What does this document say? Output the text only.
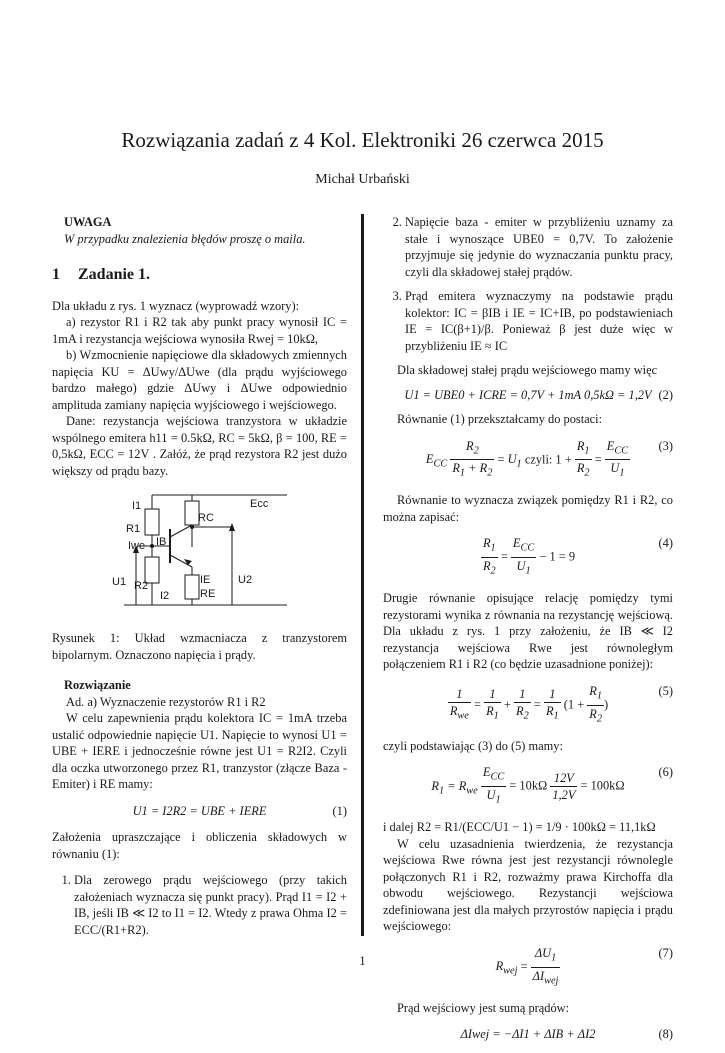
Rozwiązania zadań z 4 Kol. Elektroniki 26 czerwca 2015
Michał Urbański

UWAGA

W przypadku znalezienia błędów proszę o maila.

1 Zadanie 1.

Dla układu z rys. 1 wyznacz (wyprowadź wzory):

a) rezystor R1 i R2 tak aby punkt pracy wynosił IC = 1mA i rezystancja wejściowa wynosiła Rwej = 10kΩ,

b) Wzmocnienie napięciowe dla składowych zmiennych napięcia KU = ΔUwy/ΔUwe (dla prądu wyjściowego bardzo małego) gdzie ΔUwy i ΔUwe odpowiednio amplituda zamiany napięcia wyjściowego i wejściowego.

Dane: rezystancja wejściowa tranzystora w układzie wspólnego emitera h11 = 0.5kΩ, RC = 5kΩ, β = 100, RE = 0,5kΩ, ECC = 12V . Załóż, że prąd rezystora R2 jest dużo większy od prądu bazy.

I1
RC
Ecc
R1
Iwe IB
U1 R2
I2
IE
RE
U2

Rysunek 1: Układ wzmacniacza z tranzystorem bipolarnym. Oznaczono napięcia i prądy.

Rozwiązanie

Ad. a) Wyznaczenie rezystorów R1 i R2

W celu zapewnienia prądu kolektora IC = 1mA trzeba ustalić odpowiednie napięcie U1. Napięcie to wynosi U1 = UBE + IERE i jednocześnie równe jest U1 = R2I2. Czyli dla oczka utworzonego przez R1, tranzystor (złącze Baza -Emiter) i RE mamy:

U1 = I2R2 = UBE + IERE	(1)

Założenia upraszczające i obliczenia składowych w równaniu (1):

1. Dla zerowego prądu wejściowego (przy takich założeniach wyznacza się punkt pracy). Prąd I1 = I2 + IB, jeśli IB ≪ I2 to I1 = I2. Wtedy z prawa Ohma I2 = ECC/(R1+R2).
2. Napięcie baza - emiter w przybliżeniu uznamy za stałe i wynoszące UBE0 = 0,7V. To założenie przyjmuje się jedynie do wyznaczania punktu pracy, czyli dla składowej stałej prądów.
3. Prąd emitera wyznaczymy na podstawie prądu kolektor: IC = βIB i IE = IC+IB, po podstawieniach IE = IC(β+1)/β. Ponieważ β jest duże więc w przybliżeniu IE ≈ IC

Dla składowej stałej prądu wejściowego mamy więc

U1 = UBE0 + ICRE = 0,7V + 1mA 0,5kΩ = 1,2V (2)

Równanie (1) przekształcamy do postaci:

$E_{CC} \frac{R_2}{R_1 + R_2} = U_1$ czyli: $1 + \frac{R_1}{R_2} = \frac{E_{CC}}{U_1} (3)$

Równanie to wyznacza związek pomiędzy R1 i R2, co można zapisać:

$\frac{R_1}{R_2} = \frac{E_{CC}}{U_1} - 1 = 9$
(4)

Drugie równanie opisujące relację pomiędzy tymi rezystorami wynika z równania na rezystancję wejściową. Dla układu z rys. 1 przy założeniu, że IB ≪ I2 rezystancja wejściowa Rwe jest równoległym połączeniem R1 i R2 (co będzie uzasadnione poniżej):

$\frac{1}{R_{we}} = \frac{1}{R_1} + \frac{1}{R_2} = \frac{1}{R_1} (1 + \frac{R_1}{R_2}$ )
(5)

czyli podstawiając (3) do (5) mamy:

$R_1 = R_{we} \frac{E_{CC}}{U_1} = 10k\Omega \frac{12V}{1,2V} = 100k\Omega$
(6)

i dalej R2 = R1/(ECC/U1 − 1) = 1/9 · 100kΩ = 11,1kΩ

W celu uzasadnienia twierdzenia, że rezystancja wejściowa Rwe równa jest jest rezystancji równolegle połączonych R1 i R2, rozważmy prawa Kirchoffa dla obwodu wejściowego. Rezystancji wejściowa zdefiniowana jest dla małych przyrostów napięcia i prądu wejściowego:

$R_{wej} = \frac{\Delta U_1}{\Delta I_{wej}}$	(7)

Prąd wejściowy jest sumą prądów:

ΔIwej = −ΔI1 + ΔIB + ΔI2	(8)
1
